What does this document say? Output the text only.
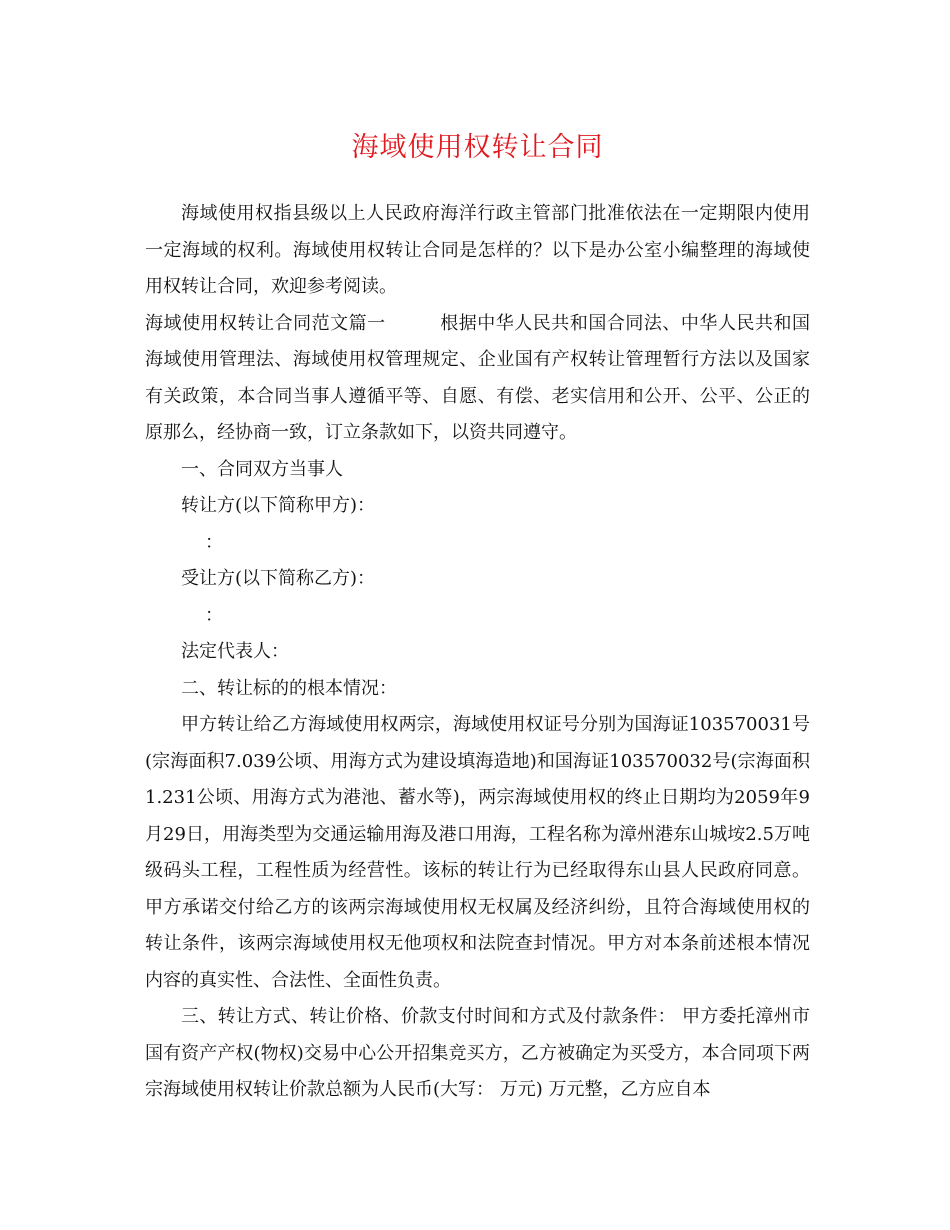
海域使用权转让合同

海域使用权指县级以上人民政府海洋行政主管部门批准依法在一定期限内使用一定海域的权利。海域使用权转让合同是怎样的？以下是办公室小编整理的海域使用权转让合同，欢迎参考阅读。

海域使用权转让合同范文篇一	根据中华人民共和国合同法、中华人民共和国海域使用管理法、海域使用权管理规定、企业国有产权转让管理暂行方法以及国家有关政策，本合同当事人遵循平等、自愿、有偿、老实信用和公开、公平、公正的原那么，经协商一致，订立条款如下，以资共同遵守。

一、合同双方当事人

转让方(以下简称甲方)：

：

受让方(以下简称乙方)：

：

法定代表人：

二、转让标的的根本情况：

甲方转让给乙方海域使用权两宗，海域使用权证号分别为国海证103570031号(宗海面积7.039公顷、用海方式为建设填海造地)和国海证103570032号(宗海面积1.231公顷、用海方式为港池、蓄水等)，两宗海域使用权的终止日期均为2059年9月29日，用海类型为交通运输用海及港口用海，工程名称为漳州港东山城垵2.5万吨级码头工程，工程性质为经营性。该标的转让行为已经取得东山县人民政府同意。甲方承诺交付给乙方的该两宗海域使用权无权属及经济纠纷，且符合海域使用权的转让条件，该两宗海域使用权无他项权和法院查封情况。甲方对本条前述根本情况内容的真实性、合法性、全面性负责。

三、转让方式、转让价格、价款支付时间和方式及付款条件： 甲方委托漳州市国有资产产权(物权)交易中心公开招集竞买方，乙方被确定为买受方，本合同项下两宗海域使用权转让价款总额为人民币(大写： 万元) 万元整，乙方应自本
